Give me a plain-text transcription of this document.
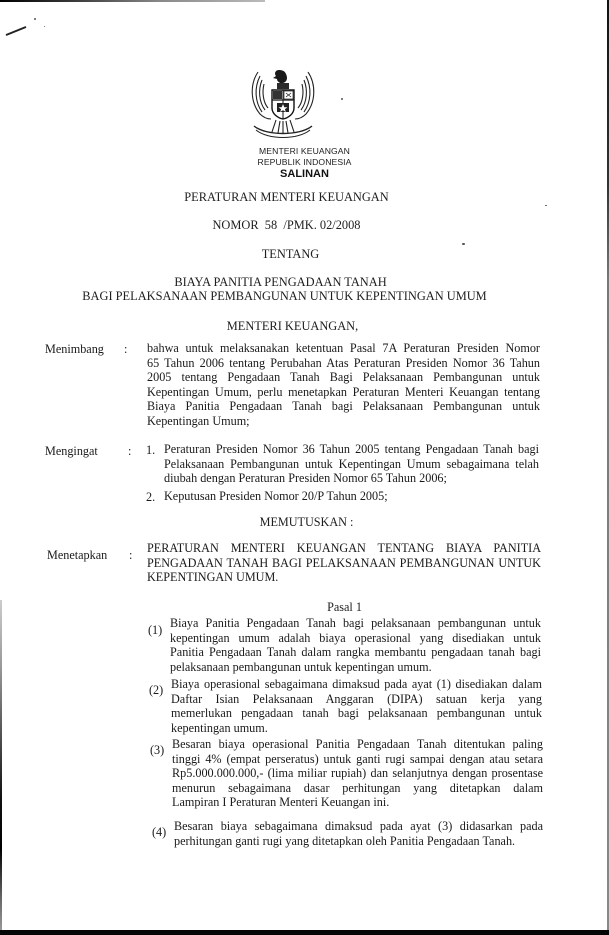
MENTERI KEUANGAN
REPUBLIK INDONESIA
SALINAN
PERATURAN MENTERI KEUANGAN
NOMOR  58  /PMK. 02/2008
TENTANG
BIAYA PANITIA PENGADAAN TANAH
BAGI PELAKSANAAN PEMBANGUNAN UNTUK KEPENTINGAN UMUM
MENTERI KEUANGAN,
Menimbang : bahwa untuk melaksanakan ketentuan Pasal 7A Peraturan Presiden Nomor
65 Tahun 2006 tentang Perubahan Atas Peraturan Presiden Nomor 36 Tahun
2005 tentang Pengadaan Tanah Bagi Pelaksanaan Pembangunan untuk
Kepentingan Umum, perlu menetapkan Peraturan Menteri Keuangan tentang
Biaya Panitia Pengadaan Tanah bagi Pelaksanaan Pembangunan untuk
Kepentingan Umum;
Mengingat : 1. Peraturan Presiden Nomor 36 Tahun 2005 tentang Pengadaan Tanah bagi
Pelaksanaan Pembangunan untuk Kepentingan Umum sebagaimana telah
diubah dengan Peraturan Presiden Nomor 65 Tahun 2006;
2. Keputusan Presiden Nomor 20/P Tahun 2005;
MEMUTUSKAN :
Menetapkan : PERATURAN MENTERI KEUANGAN TENTANG BIAYA PANITIA
PENGADAAN TANAH BAGI PELAKSANAAN PEMBANGUNAN UNTUK
KEPENTINGAN UMUM.
Pasal 1
(1) Biaya Panitia Pengadaan Tanah bagi pelaksanaan pembangunan untuk
kepentingan umum adalah biaya operasional yang disediakan untuk
Panitia Pengadaan Tanah dalam rangka membantu pengadaan tanah bagi
pelaksanaan pembangunan untuk kepentingan umum.
(2) Biaya operasional sebagaimana dimaksud pada ayat (1) disediakan dalam
Daftar Isian Pelaksanaan Anggaran (DIPA) satuan kerja yang
memerlukan pengadaan tanah bagi pelaksanaan pembangunan untuk
kepentingan umum.
(3) Besaran biaya operasional Panitia Pengadaan Tanah ditentukan paling
tinggi 4% (empat perseratus) untuk ganti rugi sampai dengan atau setara
Rp5.000.000.000,- (lima miliar rupiah) dan selanjutnya dengan prosentase
menurun sebagaimana dasar perhitungan yang ditetapkan dalam
Lampiran I Peraturan Menteri Keuangan ini.
(4) Besaran biaya sebagaimana dimaksud pada ayat (3) didasarkan pada
perhitungan ganti rugi yang ditetapkan oleh Panitia Pengadaan Tanah.
